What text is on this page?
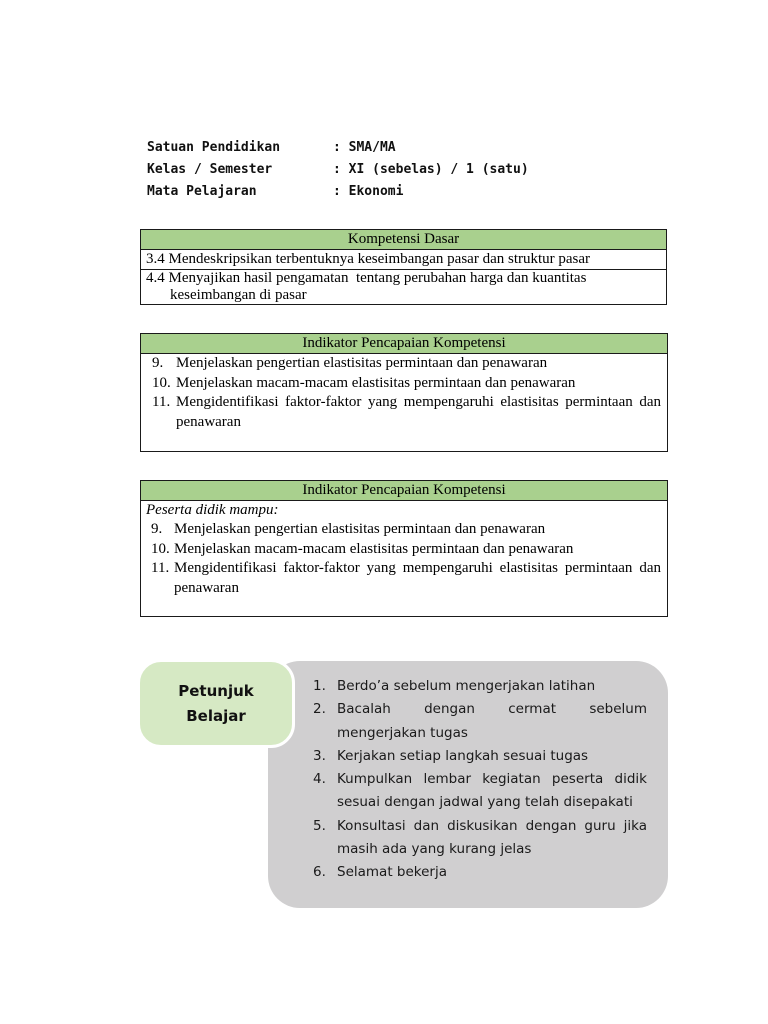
Satuan Pendidikan	: SMA/MA
Kelas / Semester	: XI (sebelas) / 1 (satu)
Mata Pelajaran	: Ekonomi
Kompetensi Dasar
3.4 Mendeskripsikan terbentuknya keseimbangan pasar dan struktur pasar
4.4 Menyajikan hasil pengamatan  tentang perubahan harga dan kuantitas keseimbangan di pasar
Indikator Pencapaian Kompetensi
9. Menjelaskan pengertian elastisitas permintaan dan penawaran
10. Menjelaskan macam-macam elastisitas permintaan dan penawaran
11. Mengidentifikasi faktor-faktor yang mempengaruhi elastisitas permintaan dan penawaran
Indikator Pencapaian Kompetensi
Peserta didik mampu:
9. Menjelaskan pengertian elastisitas permintaan dan penawaran
10. Menjelaskan macam-macam elastisitas permintaan dan penawaran
11. Mengidentifikasi faktor-faktor yang mempengaruhi elastisitas permintaan dan penawaran
Petunjuk
Belajar
1. Berdo’a sebelum mengerjakan latihan
2. Bacalah dengan cermat sebelum mengerjakan tugas
3. Kerjakan setiap langkah sesuai tugas
4. Kumpulkan lembar kegiatan peserta didik sesuai dengan jadwal yang telah disepakati
5. Konsultasi dan diskusikan dengan guru jika masih ada yang kurang jelas
6. Selamat bekerja
